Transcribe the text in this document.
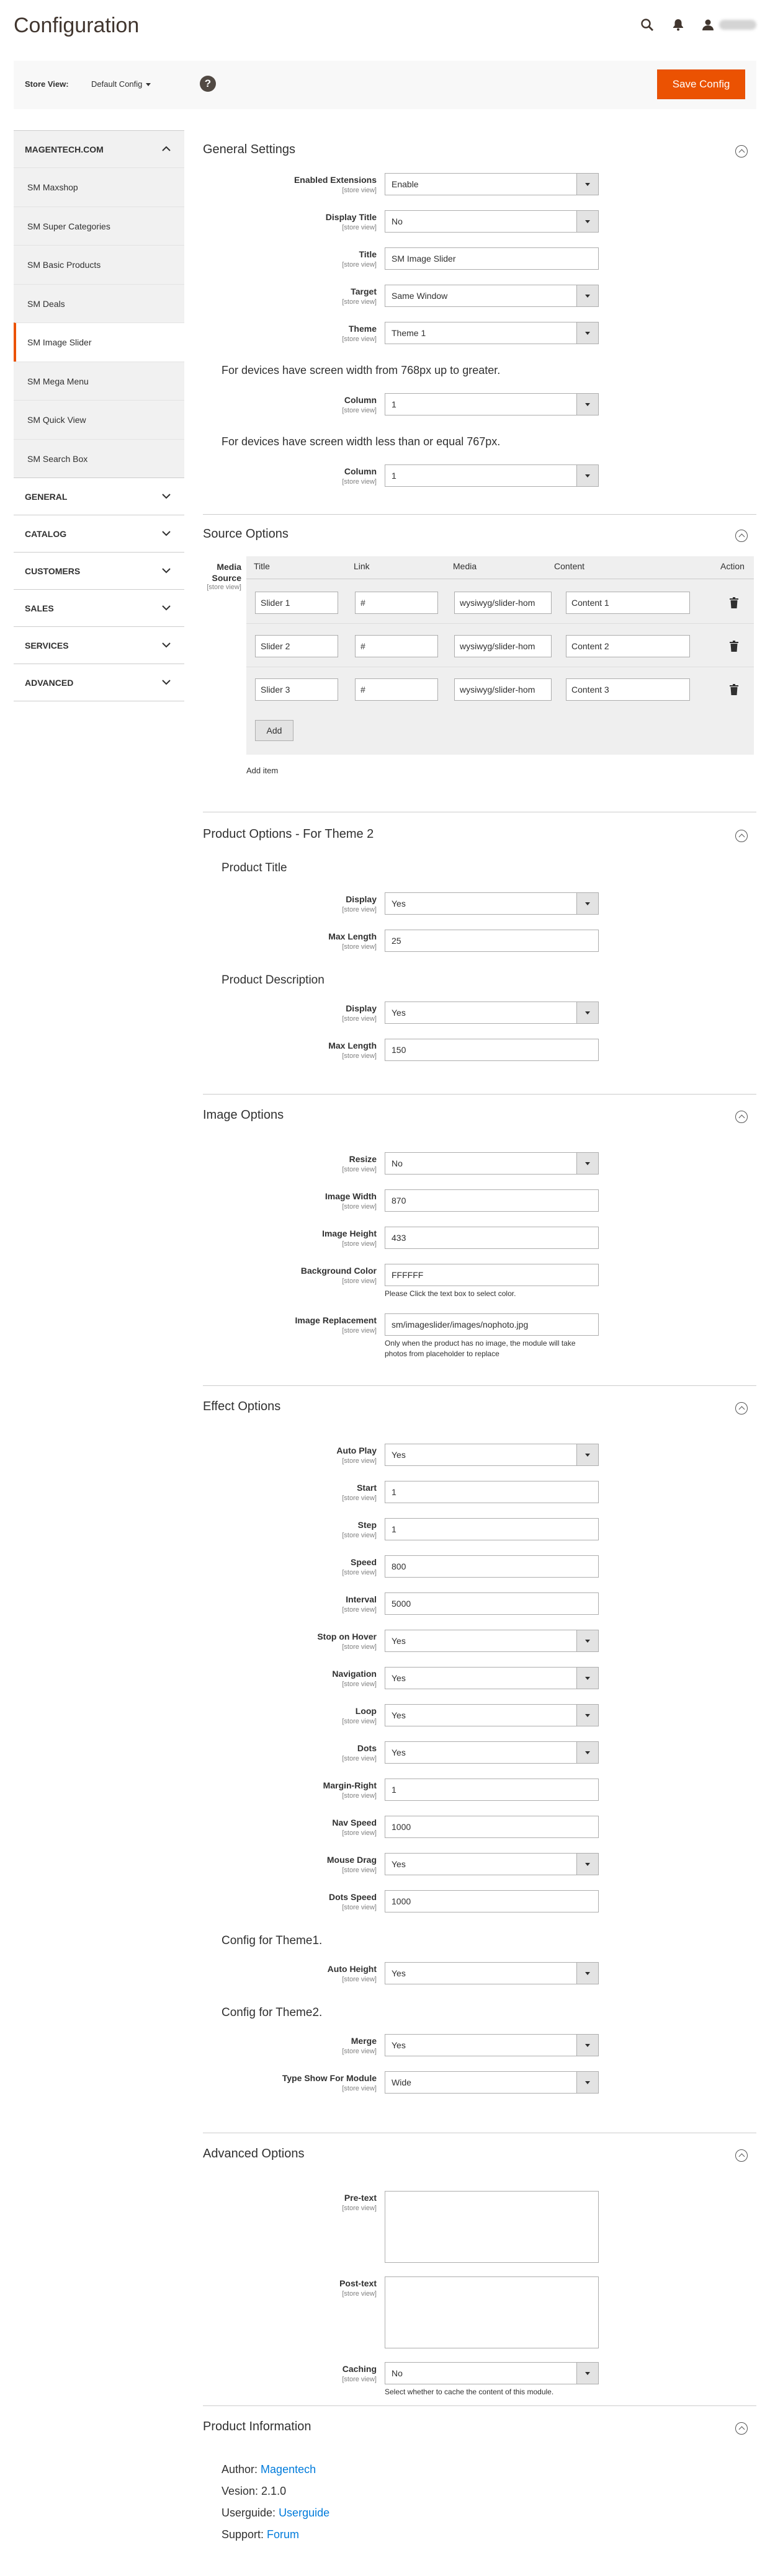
Configuration
Store View:	Default Config	?	Save Config
MAGENTECH.COM
SM Maxshop
SM Super Categories
SM Basic Products
SM Deals
SM Image Slider
SM Mega Menu
SM Quick View
SM Search Box
GENERAL
CATALOG
CUSTOMERS
SALES
SERVICES
ADVANCED
General Settings
Enabled Extensions
[store view]
Enable
Display Title
[store view]
No
Title
[store view]
SM Image Slider
Target
[store view]
Same Window
Theme
[store view]
Theme 1
For devices have screen width from 768px up to greater.
Column
[store view]
1
For devices have screen width less than or equal 767px.
Column
[store view]
1
Source Options
Media Source
[store view]
Title	Link	Media	Content	Action
Slider 1	#	wysiwyg/slider-hom	Content 1
Slider 2	#	wysiwyg/slider-hom	Content 2
Slider 3	#	wysiwyg/slider-hom	Content 3
Add
Add item
Product Options - For Theme 2
Product Title
Display
[store view]
Yes
Max Length
[store view]
25
Product Description
Display
[store view]
Yes
Max Length
[store view]
150
Image Options
Resize
[store view]
No
Image Width
[store view]
870
Image Height
[store view]
433
Background Color
[store view]
FFFFFF
Please Click the text box to select color.
Image Replacement
[store view]
sm/imageslider/images/nophoto.jpg
Only when the product has no image, the module will take photos from placeholder to replace
Effect Options
Auto Play
[store view]
Yes
Start
[store view]
1
Step
[store view]
1
Speed
[store view]
800
Interval
[store view]
5000
Stop on Hover
[store view]
Yes
Navigation
[store view]
Yes
Loop
[store view]
Yes
Dots
[store view]
Yes
Margin-Right
[store view]
1
Nav Speed
[store view]
1000
Mouse Drag
[store view]
Yes
Dots Speed
[store view]
1000
Config for Theme1.
Auto Height
[store view]
Yes
Config for Theme2.
Merge
[store view]
Yes
Type Show For Module
[store view]
Wide
Advanced Options
Pre-text
[store view]
Post-text
[store view]
Caching
[store view]
No
Select whether to cache the content of this module.
Product Information
Author: Magentech
Vesion: 2.1.0
Userguide: Userguide
Support: Forum
